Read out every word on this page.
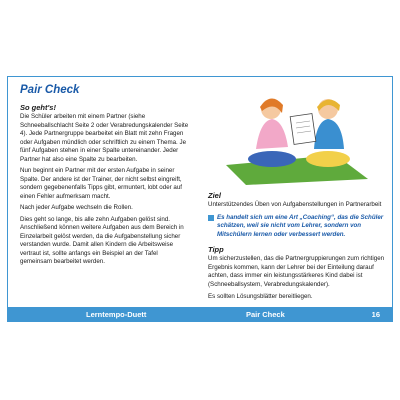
Pair Check
So geht's!

Die Schüler arbeiten mit einem Partner (siehe Schneeballschlacht Seite 2 oder Verabredungskalender Seite 4). Jede Partnergruppe bearbeitet ein Blatt mit zehn Fragen oder Aufgaben mündlich oder schriftlich zu einem Thema. Je fünf Aufgaben stehen in einer Spalte untereinander. Jeder Partner hat also eine Spalte zu bearbeiten.

Nun beginnt ein Partner mit der ersten Aufgabe in seiner Spalte. Der andere ist der Trainer, der nicht selbst eingreift, sondern gegebenenfalls Tipps gibt, ermuntert, lobt oder auf einen Fehler aufmerksam macht.

Nach jeder Aufgabe wechseln die Rollen.

Dies geht so lange, bis alle zehn Aufgaben gelöst sind. Anschließend können weitere Aufgaben aus dem Bereich in Einzelarbeit gelöst werden, da die Aufgabenstellung sicher verstanden wurde. Damit allen Kindern die Arbeitsweise vertraut ist, sollte anfangs ein Beispiel an der Tafel gemeinsam bearbeitet werden.

Ziel

Unterstützendes Üben von Aufgabenstellungen in Partnerarbeit

Es handelt sich um eine Art „Coaching“, das die Schüler schätzen, weil sie nicht vom Lehrer, sondern von Mitschülern lernen oder verbessert werden.
Tipp

Um sicherzustellen, das die Partnergruppierungen zum richtigen Ergebnis kommen, kann der Lehrer bei der Einteilung darauf achten, dass immer ein leistungsstärkeres Kind dabei ist (Schneeballsystem, Verabredungskalender).

Es sollten Lösungsblätter bereitliegen.

Lerntempo-Duett	Pair Check	16
